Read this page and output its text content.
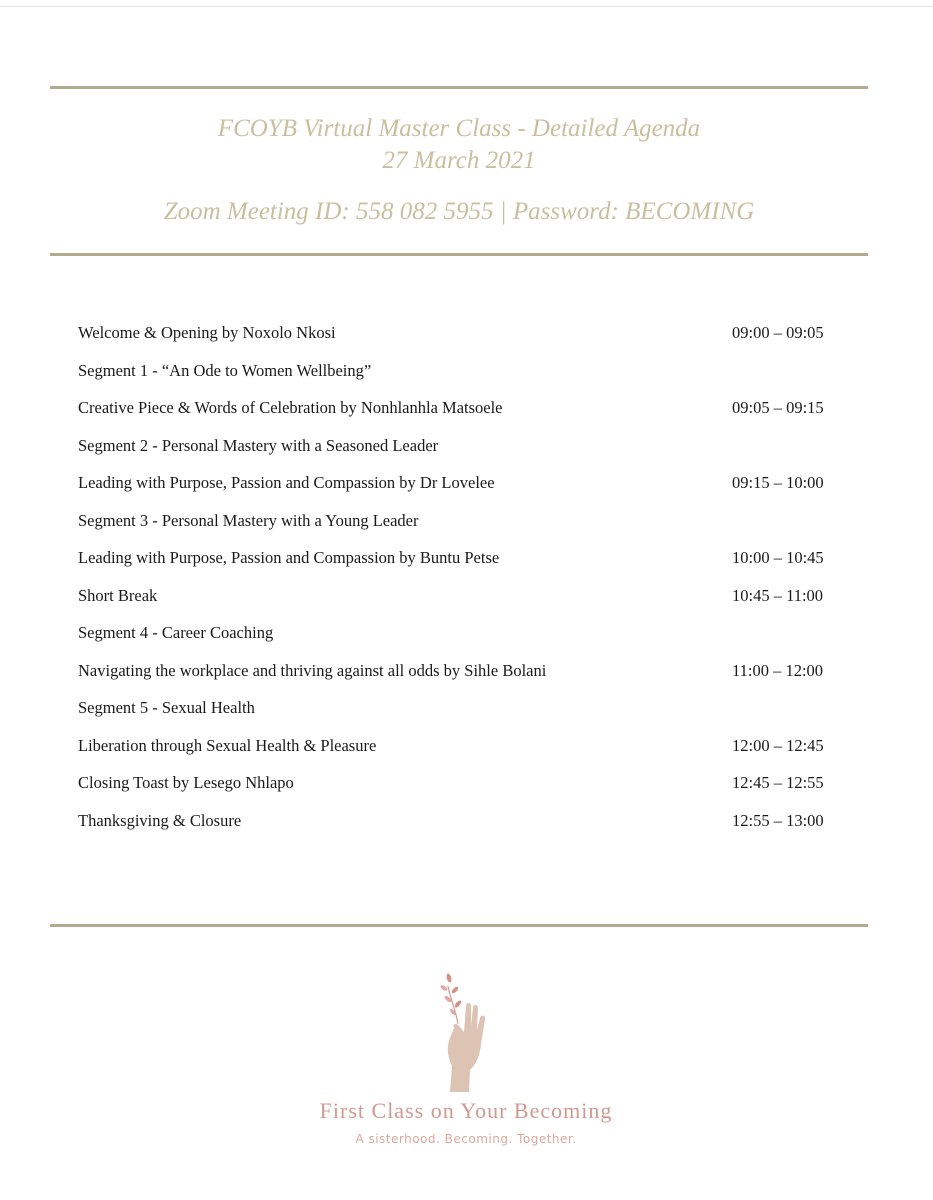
FCOYB Virtual Master Class - Detailed Agenda
27 March 2021
Zoom Meeting ID: 558 082 5955 | Password: BECOMING
Welcome & Opening by Noxolo Nkosi	09:00 – 09:05
Segment 1 - “An Ode to Women Wellbeing”
Creative Piece & Words of Celebration by Nonhlanhla Matsoele	09:05 – 09:15
Segment 2 - Personal Mastery with a Seasoned Leader
Leading with Purpose, Passion and Compassion by Dr Lovelee	09:15 – 10:00
Segment 3 - Personal Mastery with a Young Leader
Leading with Purpose, Passion and Compassion by Buntu Petse	10:00 – 10:45
Short Break	10:45 – 11:00
Segment 4 - Career Coaching
Navigating the workplace and thriving against all odds by Sihle Bolani	11:00 – 12:00
Segment 5 - Sexual Health
Liberation through Sexual Health & Pleasure	12:00 – 12:45
Closing Toast by Lesego Nhlapo	12:45 – 12:55
Thanksgiving & Closure	12:55 – 13:00
First Class on Your Becoming
A sisterhood. Becoming. Together.
